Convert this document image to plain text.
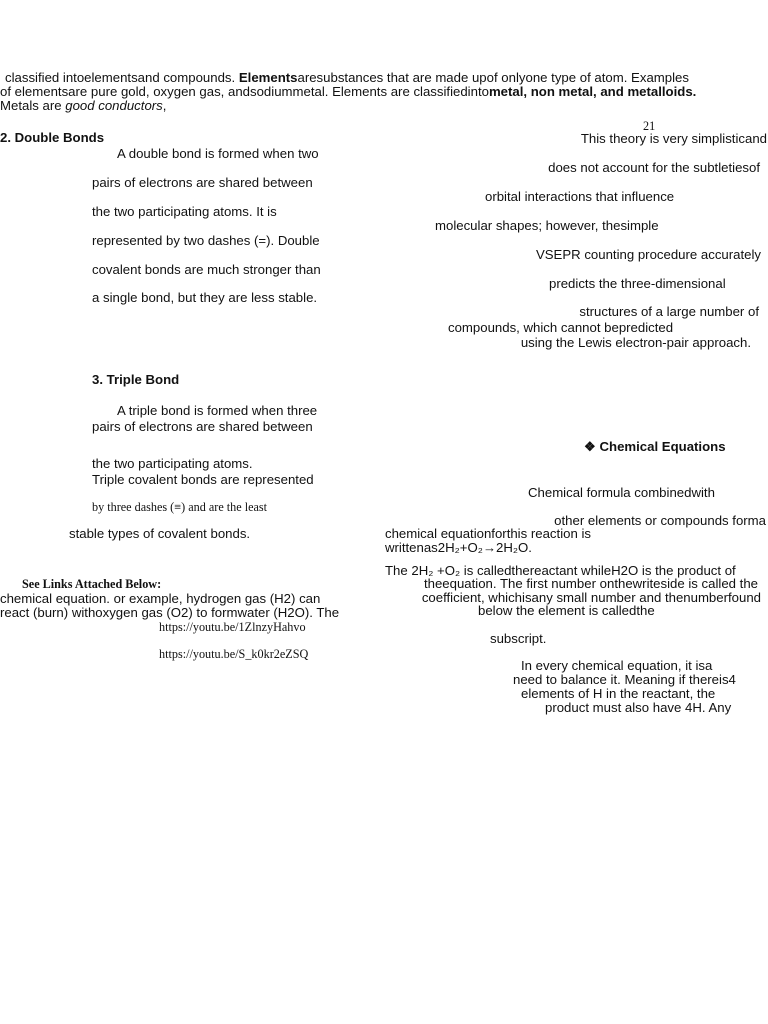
classified intoelementsand compounds. Elementsaresubstances that are made upof onlyone type of atom. Examples
of elementsare pure gold, oxygen gas, andsodiummetal. Elements are classifiedintometal, non metal, and metalloids.
Metals are good conductors,
21
2. Double Bonds
A double bond is formed when two
pairs of electrons are shared between
the two participating atoms. It is
represented by two dashes (=). Double
covalent bonds are much stronger than
a single bond, but they are less stable.
3. Triple Bond
A triple bond is formed when three
pairs of electrons are shared between
the two participating atoms.
Triple covalent bonds are represented
by three dashes (≡) and are the least
stable types of covalent bonds.
See Links Attached Below:
chemical equation. or example, hydrogen gas (H2) can
react (burn) withoxygen gas (O2) to formwater (H2O). The
https://youtu.be/1ZlnzyHahvo
https://youtu.be/S_k0kr2eZSQ
This theory is very simplisticand
does not account for the subtletiesof
orbital interactions that influence
molecular shapes; however, thesimple
VSEPR counting procedure accurately
predicts the three-dimensional
structures of a large number of
compounds, which cannot bepredicted
using the Lewis electron-pair approach.
❖ Chemical Equations
Chemical formula combinedwith
other elements or compounds forma
chemical equationforthis reaction is
writtenas2H₂+O₂→2H₂O.
The 2H₂ +O₂ is calledthereactant whileH2O is the product of
theequation. The first number onthewriteside is called the
coefficient, whichisany small number and thenumberfound
below the element is calledthe
subscript.
In every chemical equation, it isa
need to balance it. Meaning if thereis4
elements of H in the reactant, the
product must also have 4H. Any
